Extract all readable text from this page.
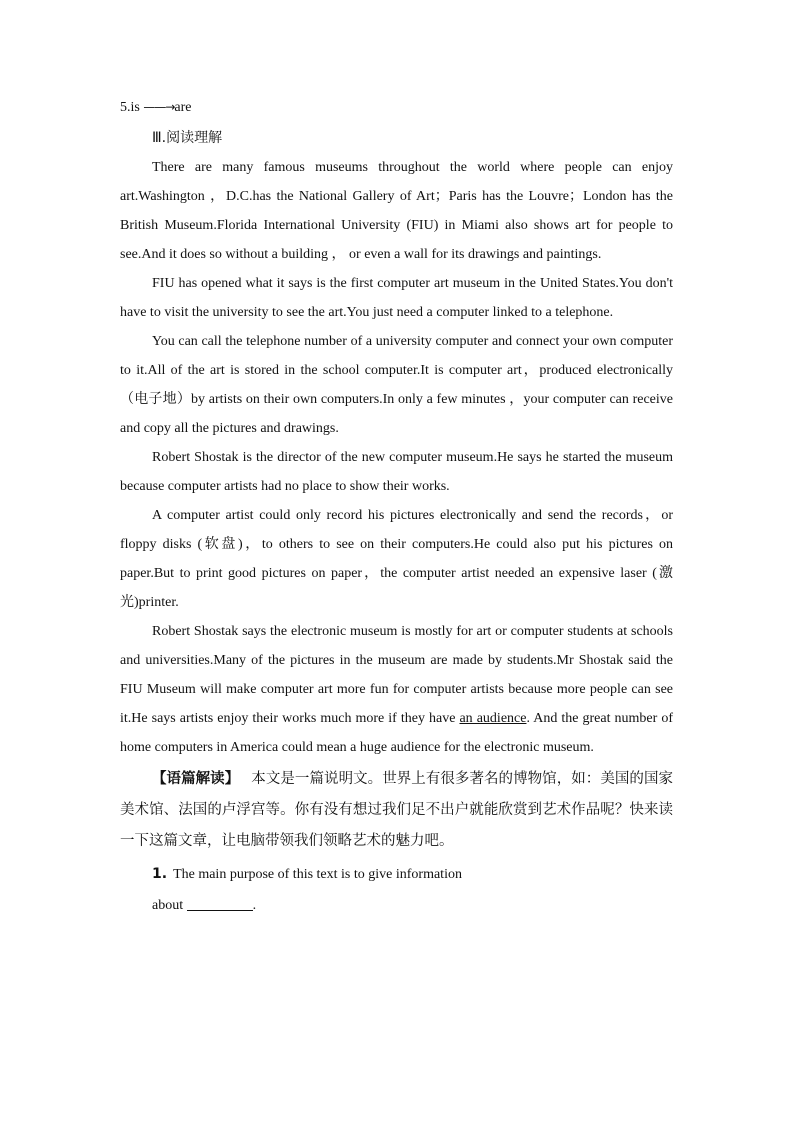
5.is ——→are

Ⅲ.阅读理解

There are many famous museums throughout the world where people can enjoy art.Washington ，D.C.has the National Gallery of Art；Paris has the Louvre；London has the British Museum.Florida International University (FIU) in Miami also shows art for people to see.And it does so without a building ， or even a wall for its drawings and paintings.

FIU has opened what it says is the first computer art museum in the United States.You don't have to visit the university to see the art.You just need a computer linked to a telephone.

You can call the telephone number of a university computer and connect your own computer to it.All of the art is stored in the school computer.It is computer art，produced electronically （电子地）by artists on their own computers.In only a few minutes ，your computer can receive and copy all the pictures and drawings.

Robert Shostak is the director of the new computer museum.He says he started the museum because computer artists had no place to show their works.

A computer artist could only record his pictures electronically and send the records，or floppy disks (软盘)，to others to see on their computers.He could also put his pictures on paper.But to print good pictures on paper，the computer artist needed an expensive laser (激光)printer.

Robert Shostak says the electronic museum is mostly for art or computer students at schools and universities.Many of the pictures in the museum are made by students.Mr Shostak said the FIU Museum will make computer art more fun for computer artists because more people can see it.He says artists enjoy their works much more if they have an audience. And the great number of home computers in America could mean a huge audience for the electronic museum.

【语篇解读】 本文是一篇说明文。世界上有很多著名的博物馆，如：美国的国家美术馆、法国的卢浮宫等。你有没有想过我们足不出户就能欣赏到艺术作品呢？快来读一下这篇文章，让电脑带领我们领略艺术的魅力吧。

1. The main purpose of this text is to give information
about	.
